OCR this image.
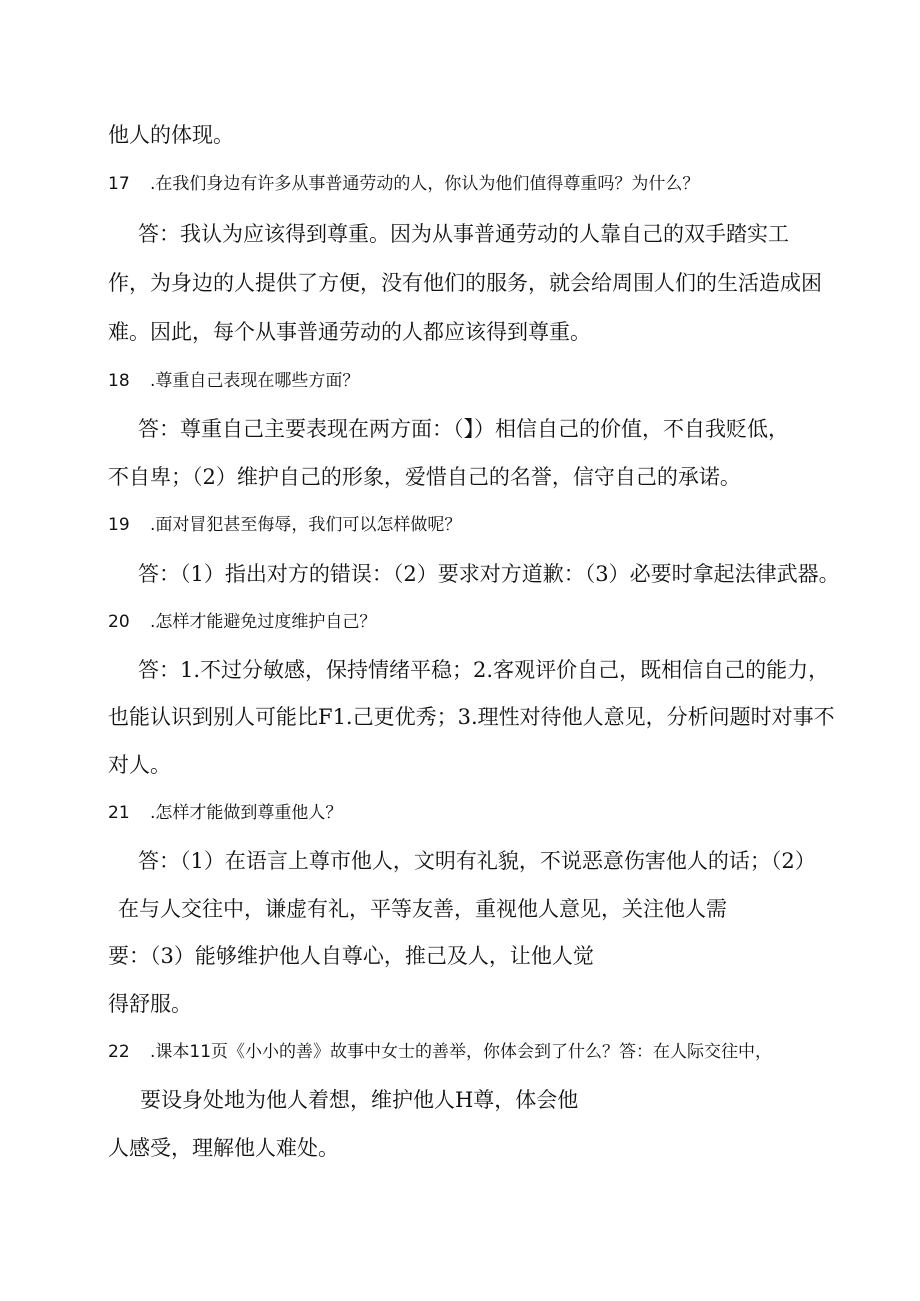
他人的体现。
17 .在我们身边有许多从事普通劳动的人，你认为他们值得尊重吗？为什么？
答：我认为应该得到尊重。因为从事普通劳动的人靠自己的双手踏实工
作，为身边的人提供了方便，没有他们的服务，就会给周围人们的生活造成困
难。因此，每个从事普通劳动的人都应该得到尊重。
18 .尊重自己表现在哪些方面？
答：尊重自己主要表现在两方面：（】）相信自己的价值，不自我贬低，
不自卑；（2）维护自己的形象，爱惜自己的名誉，信守自己的承诺。
19 .面对冒犯甚至侮辱，我们可以怎样做呢？
答：（1）指出对方的错误：（2）要求对方道歉：（3）必要时拿起法律武器。
20 .怎样才能避免过度维护自己？
答：1.不过分敏感，保持情绪平稳；2.客观评价自己，既相信自己的能力，
也能认识到别人可能比F1.己更优秀；3.理性对待他人意见，分析问题时对事不
对人。
21 .怎样才能做到尊重他人？
答：（1）在语言上尊市他人，文明有礼貌，不说恶意伤害他人的话；（2）
在与人交往中，谦虚有礼，平等友善，重视他人意见，关注他人需
要：（3）能够维护他人自尊心，推己及人，让他人觉
得舒服。
22 .课本11页《小小的善》故事中女士的善举，你体会到了什么？答：在人际交往中，
要设身处地为他人着想，维护他人H尊，体会他
人感受，理解他人难处。
